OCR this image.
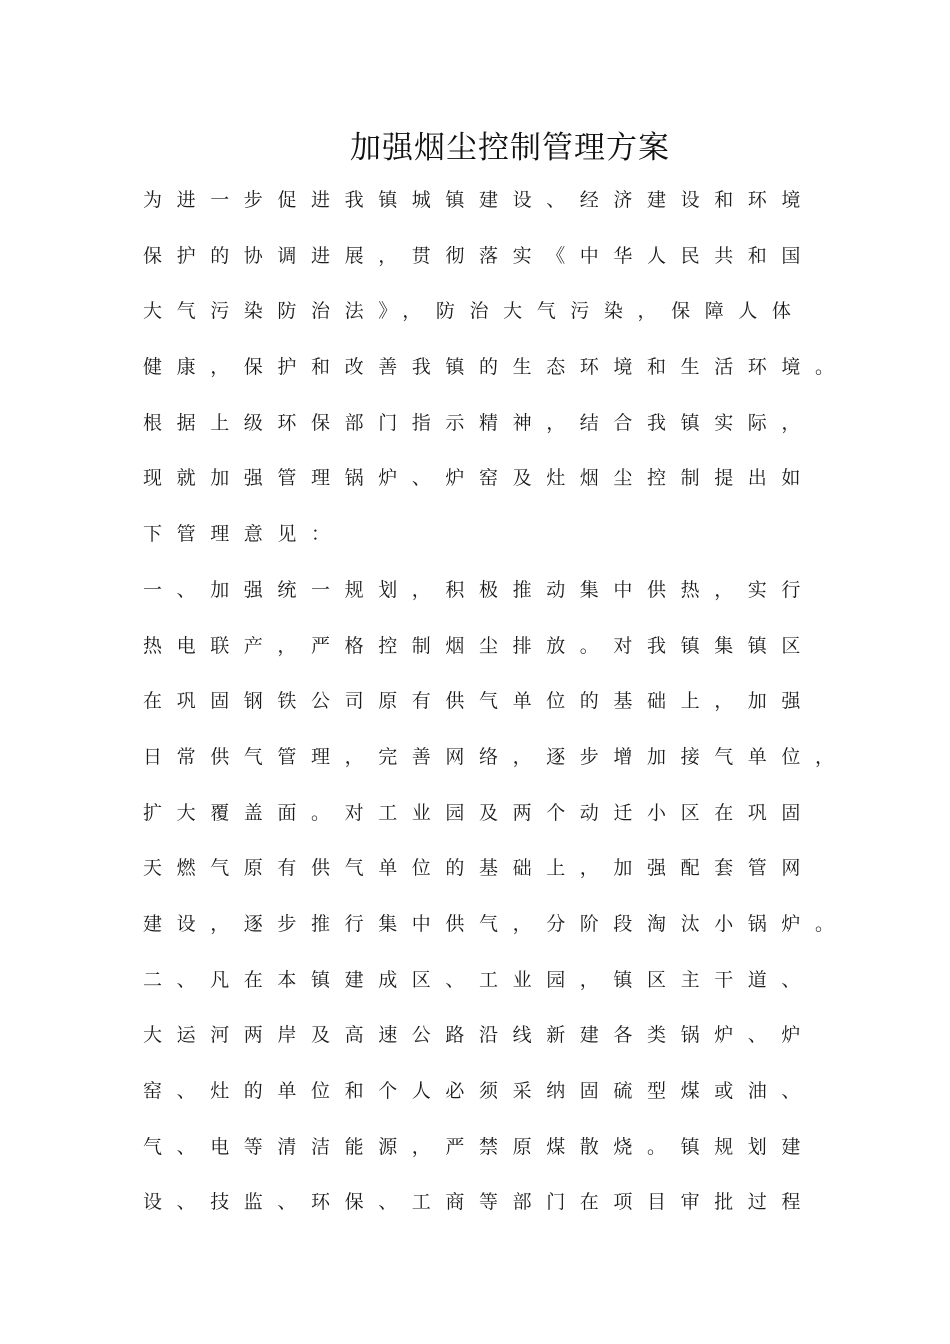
加强烟尘控制管理方案
为进一步促进我镇城镇建设、经济建设和环境
保护的协调进展，贯彻落实《中华人民共和国
大气污染防治法》，防治大气污染，保障人体
健康，保护和改善我镇的生态环境和生活环境。
根据上级环保部门指示精神，结合我镇实际，
现就加强管理锅炉、炉窑及灶烟尘控制提出如
下管理意见：
一、加强统一规划，积极推动集中供热，实行
热电联产，严格控制烟尘排放。对我镇集镇区
在巩固钢铁公司原有供气单位的基础上，加强
日常供气管理，完善网络，逐步增加接气单位，
扩大覆盖面。对工业园及两个动迁小区在巩固
天燃气原有供气单位的基础上，加强配套管网
建设，逐步推行集中供气，分阶段淘汰小锅炉。
二、凡在本镇建成区、工业园，镇区主干道、
大运河两岸及高速公路沿线新建各类锅炉、炉
窑、灶的单位和个人必须采纳固硫型煤或油、
气、电等清洁能源，严禁原煤散烧。镇规划建
设、技监、环保、工商等部门在项目审批过程
